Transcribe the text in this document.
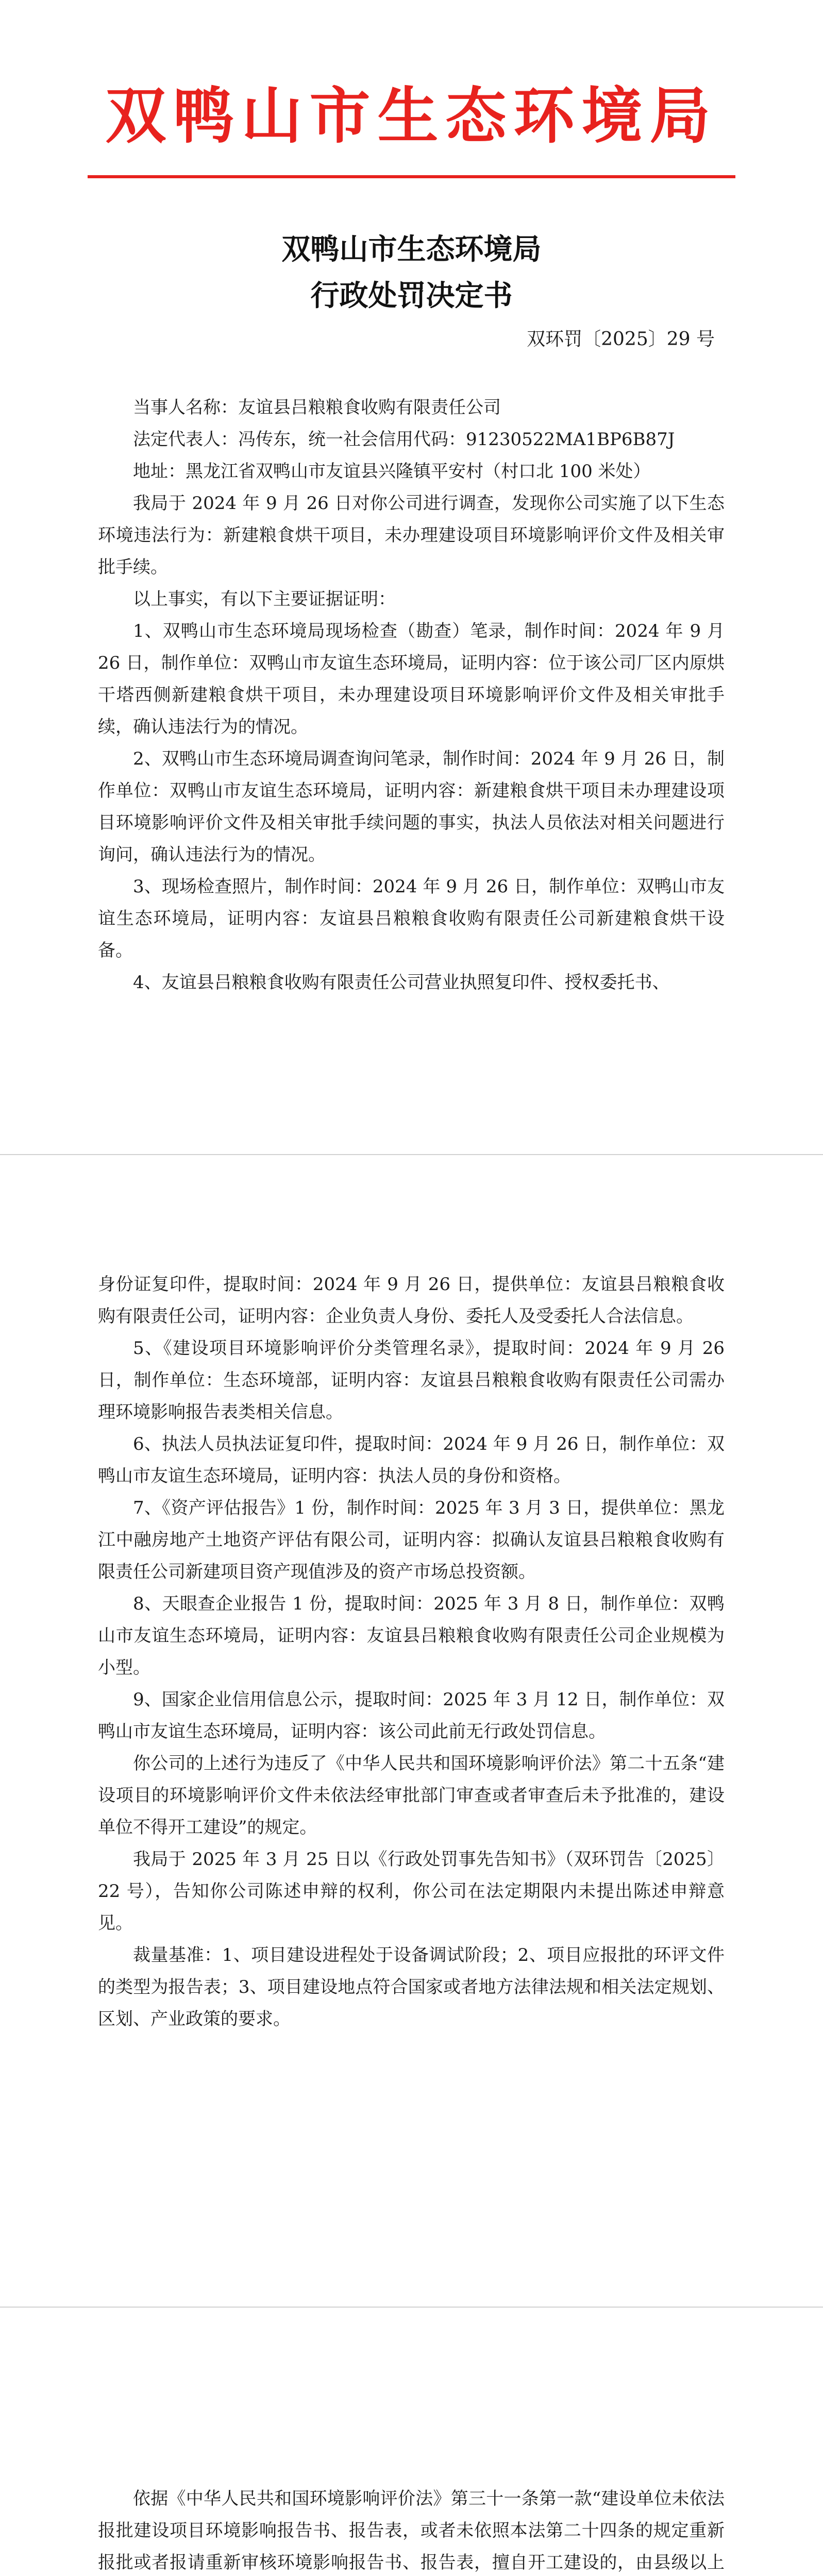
双鸭山市生态环境局
双鸭山市生态环境局
行政处罚决定书
双环罚〔2025〕29 号

当事人名称：友谊县吕粮粮食收购有限责任公司

法定代表人：冯传东，统一社会信用代码：91230522MA1BP6B87J

地址：黑龙江省双鸭山市友谊县兴隆镇平安村（村口北 100 米处）

我局于 2024 年 9 月 26 日对你公司进行调查，发现你公司实施了以下生态环境违法行为：新建粮食烘干项目，未办理建设项目环境影响评价文件及相关审批手续。

以上事实，有以下主要证据证明：

1、双鸭山市生态环境局现场检查（勘查）笔录，制作时间：2024 年 9 月 26 日，制作单位：双鸭山市友谊生态环境局，证明内容：位于该公司厂区内原烘干塔西侧新建粮食烘干项目，未办理建设项目环境影响评价文件及相关审批手续，确认违法行为的情况。

2、双鸭山市生态环境局调查询问笔录，制作时间：2024 年 9 月 26 日，制作单位：双鸭山市友谊生态环境局，证明内容：新建粮食烘干项目未办理建设项目环境影响评价文件及相关审批手续问题的事实，执法人员依法对相关问题进行询问，确认违法行为的情况。

3、现场检查照片，制作时间：2024 年 9 月 26 日，制作单位：双鸭山市友谊生态环境局，证明内容：友谊县吕粮粮食收购有限责任公司新建粮食烘干设备。

4、友谊县吕粮粮食收购有限责任公司营业执照复印件、授权委托书、

身份证复印件，提取时间：2024 年 9 月 26 日，提供单位：友谊县吕粮粮食收购有限责任公司，证明内容：企业负责人身份、委托人及受委托人合法信息。

5、《建设项目环境影响评价分类管理名录》，提取时间：2024 年 9 月 26 日，制作单位：生态环境部，证明内容：友谊县吕粮粮食收购有限责任公司需办理环境影响报告表类相关信息。

6、执法人员执法证复印件，提取时间：2024 年 9 月 26 日，制作单位：双鸭山市友谊生态环境局，证明内容：执法人员的身份和资格。

7、《资产评估报告》1 份，制作时间：2025 年 3 月 3 日，提供单位：黑龙江中融房地产土地资产评估有限公司，证明内容：拟确认友谊县吕粮粮食收购有限责任公司新建项目资产现值涉及的资产市场总投资额。

8、天眼查企业报告 1 份，提取时间：2025 年 3 月 8 日，制作单位：双鸭山市友谊生态环境局，证明内容：友谊县吕粮粮食收购有限责任公司企业规模为小型。

9、国家企业信用信息公示，提取时间：2025 年 3 月 12 日，制作单位：双鸭山市友谊生态环境局，证明内容：该公司此前无行政处罚信息。

你公司的上述行为违反了《中华人民共和国环境影响评价法》第二十五条“建设项目的环境影响评价文件未依法经审批部门审查或者审查后未予批准的，建设单位不得开工建设”的规定。

我局于 2025 年 3 月 25 日以《行政处罚事先告知书》（双环罚告〔2025〕22 号），告知你公司陈述申辩的权利，你公司在法定期限内未提出陈述申辩意见。

裁量基准：1、项目建设进程处于设备调试阶段；2、项目应报批的环评文件的类型为报告表；3、项目建设地点符合国家或者地方法律法规和相关法定规划、区划、产业政策的要求。

依据《中华人民共和国环境影响评价法》第三十一条第一款“建设单位未依法报批建设项目环境影响报告书、报告表，或者未依照本法第二十四条的规定重新报批或者报请重新审核环境影响报告书、报告表，擅自开工建设的，由县级以上
